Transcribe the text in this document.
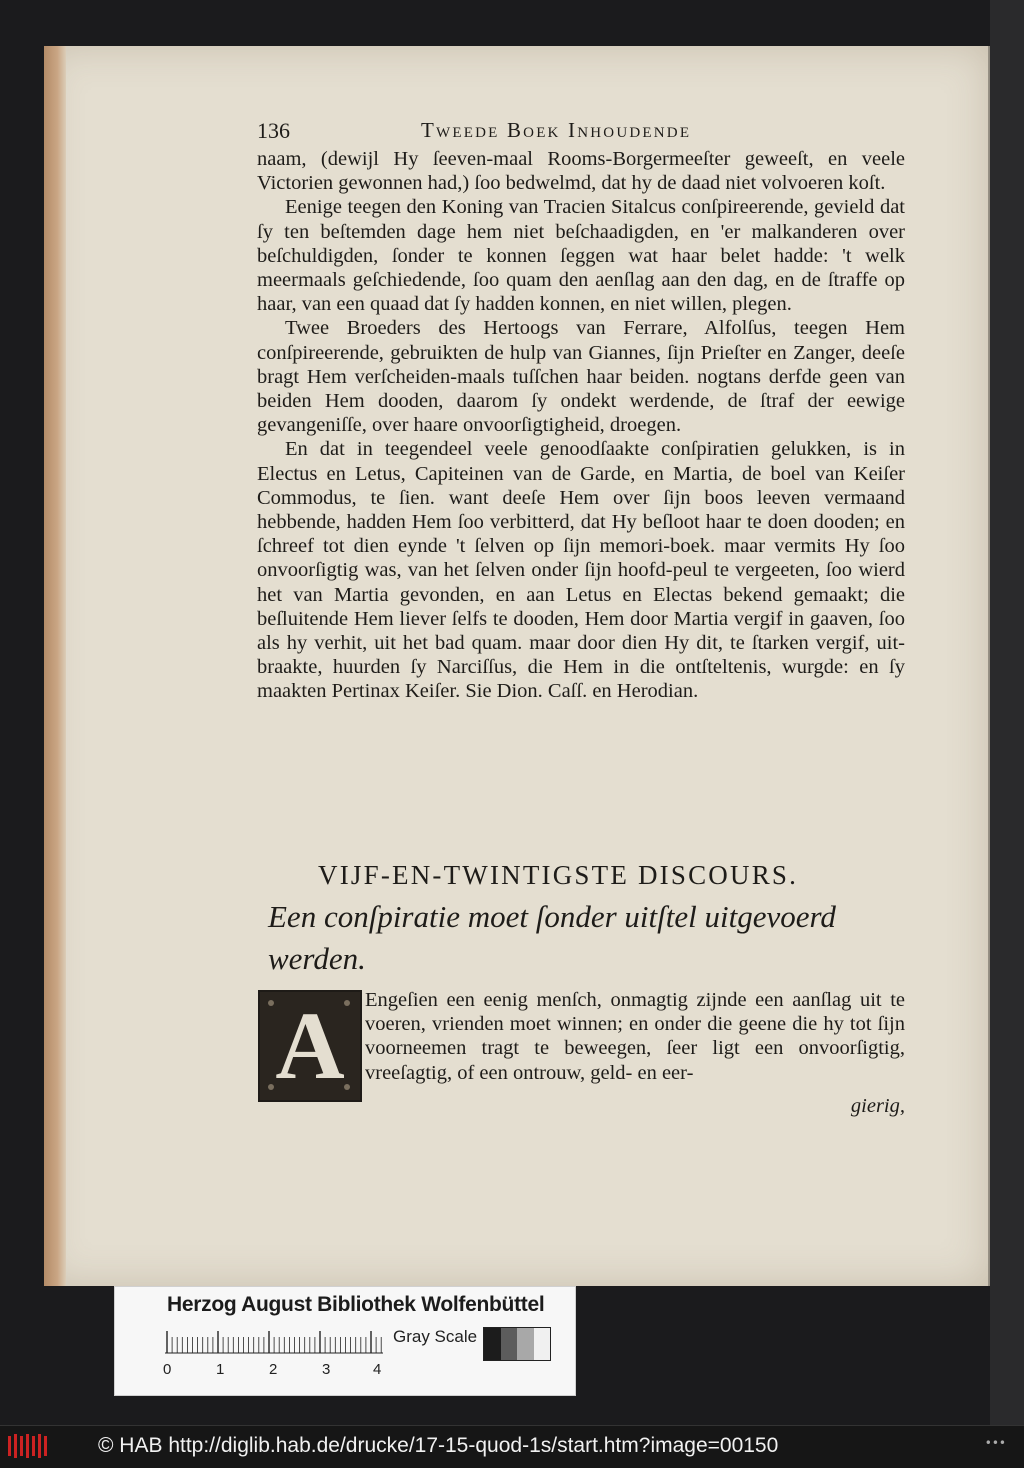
136	Tweede Boek Inhoudende

naam, (dewijl Hy ſeeven-maal Rooms-Borgermeeſter geweeſt, en veele Victorien gewonnen had,) ſoo bedwelmd, dat hy de daad niet volvoeren koſt.

Eenige teegen den Koning van Tracien Sitalcus conſpireerende, gevield dat ſy ten beſtemden dage hem niet beſchaadigden, en 'er malkanderen over beſchuldigden, ſonder te konnen ſeggen wat haar belet hadde: 't welk meermaals geſchiedende, ſoo quam den aenſlag aan den dag, en de ſtraffe op haar, van een quaad dat ſy hadden konnen, en niet willen, plegen.

Twee Broeders des Hertoogs van Ferrare, Alfolſus, teegen Hem conſpireerende, gebruikten de hulp van Giannes, ſijn Prieſter en Zanger, deeſe bragt Hem verſcheiden-maals tuſſchen haar beiden. nogtans derfde geen van beiden Hem dooden, daarom ſy ondekt werdende, de ſtraf der eewige gevangeniſſe, over haare onvoorſigtigheid, droegen.

En dat in teegendeel veele genoodſaakte conſpiratien gelukken, is in Electus en Letus, Capiteinen van de Garde, en Martia, de boel van Keiſer Commodus, te ſien. want deeſe Hem over ſijn boos leeven vermaand hebbende, hadden Hem ſoo verbitterd, dat Hy beſloot haar te doen dooden; en ſchreef tot dien eynde 't ſelven op ſijn memori-boek. maar vermits Hy ſoo onvoorſigtig was, van het ſelven onder ſijn hoofd-peul te vergeeten, ſoo wierd het van Martia gevonden, en aan Letus en Electas bekend gemaakt; die beſluitende Hem liever ſelfs te dooden, Hem door Martia vergif in gaaven, ſoo als hy verhit, uit het bad quam. maar door dien Hy dit, te ſtarken vergif, uit-braakte, huurden ſy Narciſſus, die Hem in die ontſteltenis, wurgde: en ſy maakten Pertinax Keiſer. Sie Dion. Caſſ. en Herodian.

VIJF-EN-TWINTIGSTE DISCOURS.
Een conſpiratie moet ſonder uitſtel uitgevoerd werden.
A Engeſien een eenig menſch, onmagtig zijnde een aanſlag uit te voeren, vrienden moet winnen; en onder die geene die hy tot ſijn voorneemen tragt te beweegen, ſeer ligt een onvoorſigtig, vreeſagtig, of een ontrouw, geld- en eer-
gierig,
Herzog August Bibliothek Wolfenbüttel
0	1	2	3	4
Gray Scale
© HAB http://diglib.hab.de/drucke/17-15-quod-1s/start.htm?image=00150	•••
